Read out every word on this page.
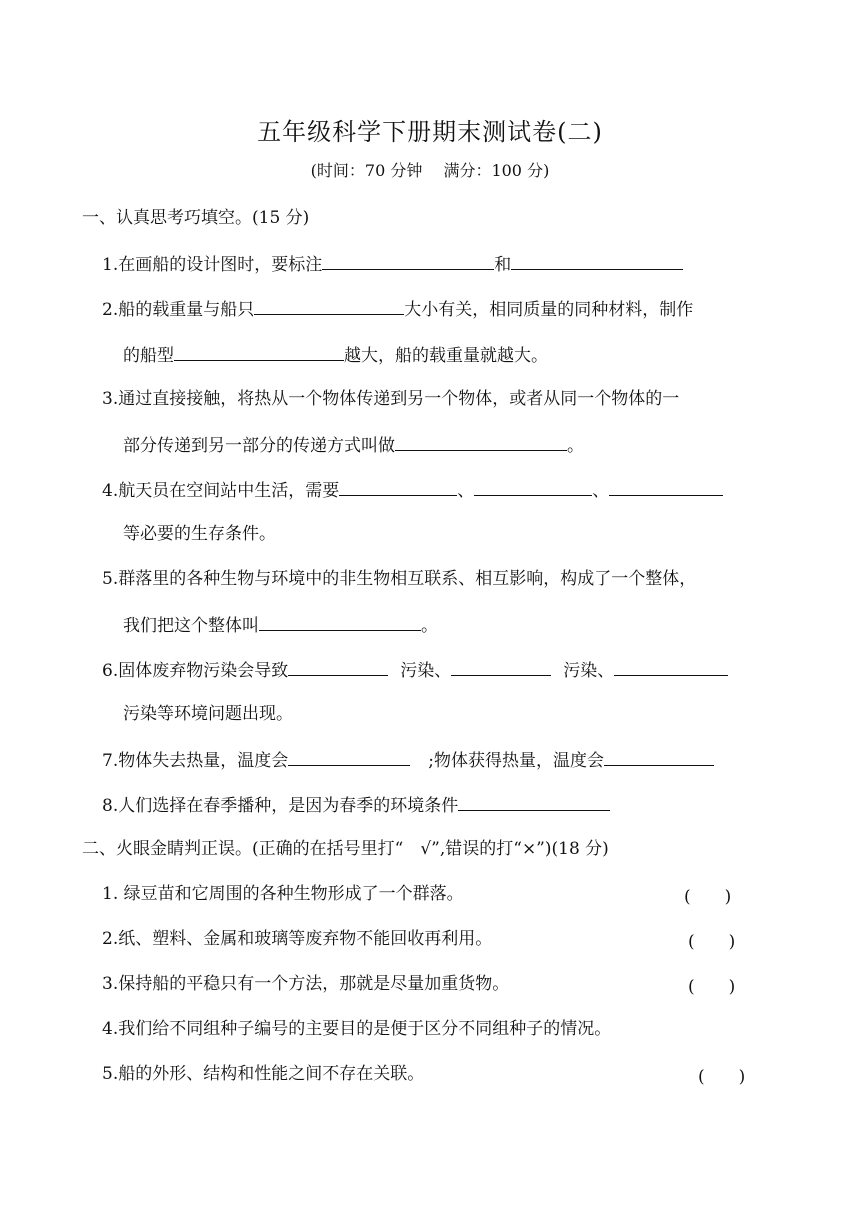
五年级科学下册期末测试卷(二)
(时间：70 分钟　 满分：100 分)
一、认真思考巧填空。(15 分)
1.在画船的设计图时，要标注	和
2.船的载重量与船只	大小有关，相同质量的同种材料，制作
的船型	越大，船的载重量就越大。
3.通过直接接触，将热从一个物体传递到另一个物体，或者从同一个物体的一
部分传递到另一部分的传递方式叫做	。
4.航天员在空间站中生活，需要	、	、
等必要的生存条件。
5.群落里的各种生物与环境中的非生物相互联系、相互影响，构成了一个整体，
我们把这个整体叫	。
6.固体废弃物污染会导致	污染、	污染、
污染等环境问题出现。
7.物体失去热量，温度会	;物体获得热量，温度会
8.人们选择在春季播种，是因为春季的环境条件
二、火眼金睛判正误。(正确的在括号里打“　√”,错误的打“×”)(18 分)
1. 绿豆苗和它周围的各种生物形成了一个群落。	(　　)
2.纸、塑料、金属和玻璃等废弃物不能回收再利用。	(　　)
3.保持船的平稳只有一个方法，那就是尽量加重货物。	(　　)
4.我们给不同组种子编号的主要目的是便于区分不同组种子的情况。
5.船的外形、结构和性能之间不存在关联。	(　　)
